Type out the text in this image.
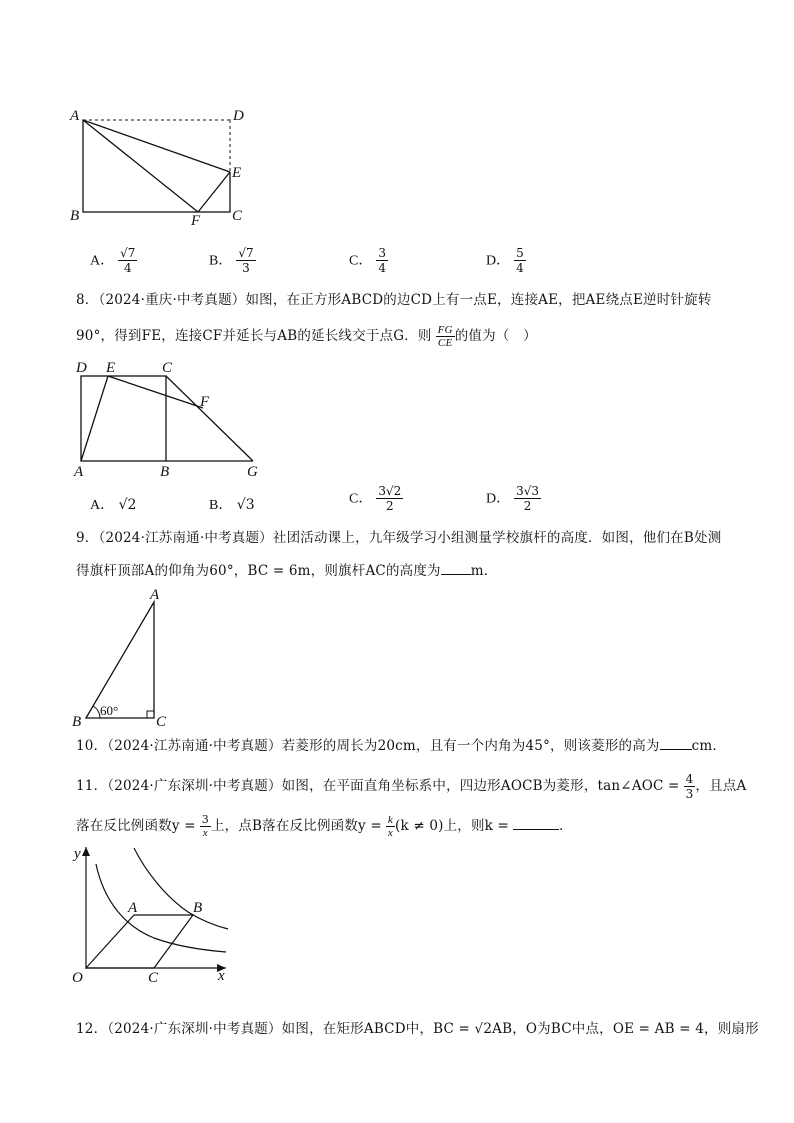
A	D
E
B	F C
A． $\frac{√7}{4}$	B． $\frac{√7}{3}$	C． $\frac{3}{4}$	D． $\frac{5}{4}$
8．（2024·重庆·中考真题）如图，在正方形ABCD的边CD上有一点E，连接AE，把AE绕点E逆时针旋转
90°，得到FE，连接CF并延长与AB的延长线交于点G．则 $\frac{FG}{CE}$ 的值为（　）
D E	C
F
A	B	G
A． √2	B． √3	C． $\frac{3√2}{2}$	D． $\frac{3√3}{2}$
9．（2024·江苏南通·中考真题）社团活动课上，九年级学习小组测量学校旗杆的高度．如图，他们在B处测
得旗杆顶部A的仰角为60°，BC = 6m，则旗杆AC的高度为 m．
A
B	C
60°
10．（2024·江苏南通·中考真题）若菱形的周长为20cm，且有一个内角为45°，则该菱形的高为 cm．
11．（2024·广东深圳·中考真题）如图，在平面直角坐标系中，四边形AOCB为菱形，tan∠AOC = $\frac{4}{3}$ ，且点A
落在反比例函数$y = \frac{3}{x}$ 上，点B落在反比例函数$y = \frac{k}{x} (k \ne 0)$上，则k =	．
y
x
O
A	B
C
12．（2024·广东深圳·中考真题）如图，在矩形ABCD中，BC = √2AB，O为BC中点，OE = AB = 4，则扇形
